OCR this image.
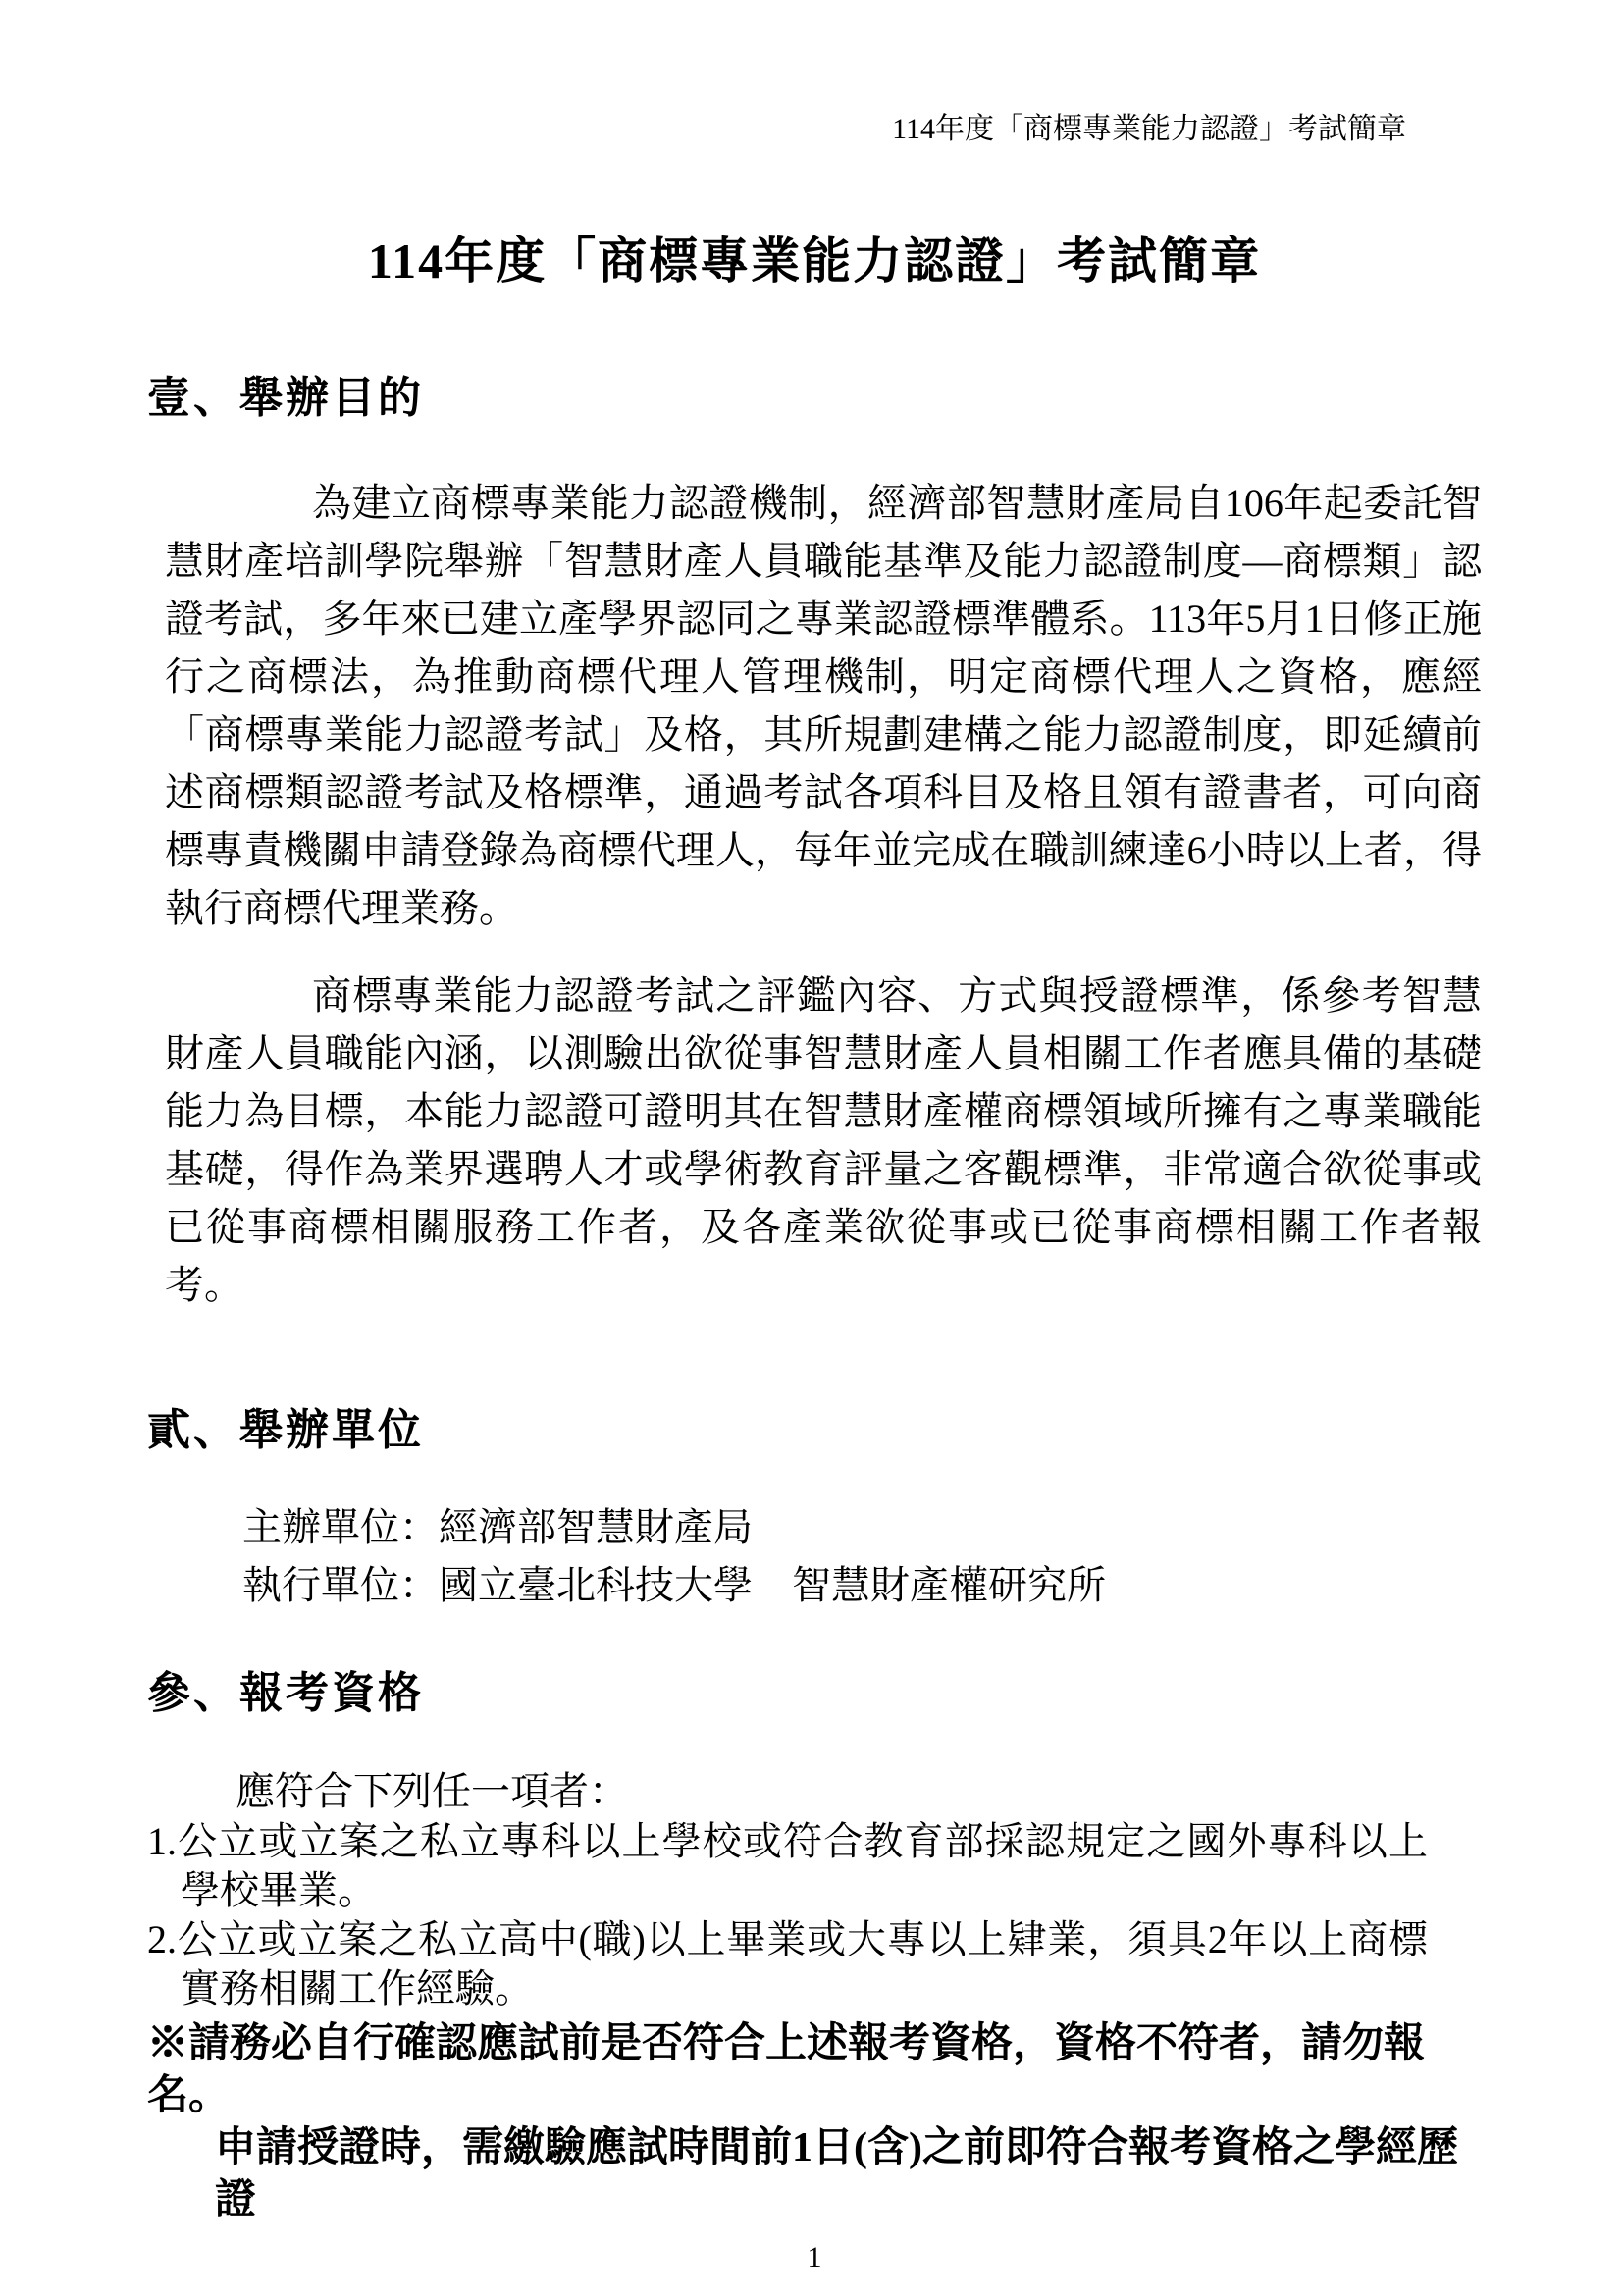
114年度「商標專業能力認證」考試簡章
114年度「商標專業能力認證」考試簡章
壹、舉辦目的

為建立商標專業能力認證機制，經濟部智慧財產局自106年起委託智慧財產培訓學院舉辦「智慧財產人員職能基準及能力認證制度—商標類」認證考試，多年來已建立產學界認同之專業認證標準體系。113年5月1日修正施行之商標法，為推動商標代理人管理機制，明定商標代理人之資格，應經「商標專業能力認證考試」及格，其所規劃建構之能力認證制度，即延續前述商標類認證考試及格標準，通過考試各項科目及格且領有證書者，可向商標專責機關申請登錄為商標代理人，每年並完成在職訓練達6小時以上者，得執行商標代理業務。

商標專業能力認證考試之評鑑內容、方式與授證標準，係參考智慧財產人員職能內涵，以測驗出欲從事智慧財產人員相關工作者應具備的基礎能力為目標，本能力認證可證明其在智慧財產權商標領域所擁有之專業職能基礎，得作為業界選聘人才或學術教育評量之客觀標準，非常適合欲從事或已從事商標相關服務工作者，及各產業欲從事或已從事商標相關工作者報考。

貳、舉辦單位

主辦單位：經濟部智慧財產局

執行單位：國立臺北科技大學　智慧財產權研究所

參、報考資格

應符合下列任一項者：

1.公立或立案之私立專科以上學校或符合教育部採認規定之國外專科以上學校畢業。

2.公立或立案之私立高中(職)以上畢業或大專以上肄業，須具2年以上商標實務相關工作經驗。

※請務必自行確認應試前是否符合上述報考資格，資格不符者，請勿報名。

申請授證時，需繳驗應試時間前1日(含)之前即符合報考資格之學經歷證

1
